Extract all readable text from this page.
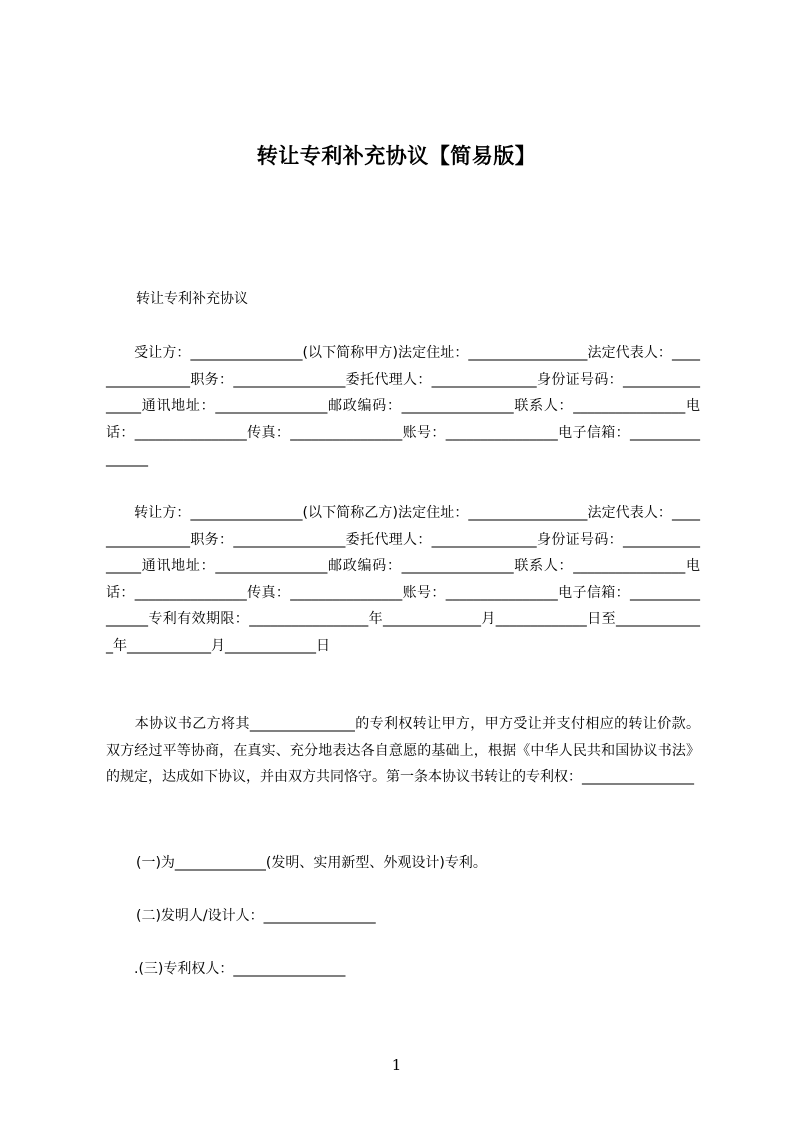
转让专利补充协议【简易版】
转让专利补充协议
　　受让方：________________(以下简称甲方)法定住址：_________________法定代表人：________________职务：________________委托代理人：_______________身份证号码：________________通讯地址：________________邮政编码：________________联系人：________________电话：________________传真：________________账号：________________电子信箱：________________
　　转让方：________________(以下简称乙方)法定住址：_________________法定代表人：________________职务：________________委托代理人：_______________身份证号码：________________通讯地址：________________邮政编码：________________联系人：________________电话：________________传真：________________账号：________________电子信箱：________________专利有效期限：_________________年______________月_____________日至_____________年____________月_____________日
　　本协议书乙方将其_______________的专利权转让甲方，甲方受让并支付相应的转让价款。双方经过平等协商，在真实、充分地表达各自意愿的基础上，根据《中华人民共和国协议书法》的规定，达成如下协议，并由双方共同恪守。第一条本协议书转让的专利权：________________
(一)为_____________(发明、实用新型、外观设计)专利。
(二)发明人/设计人：________________
.(三)专利权人：________________
1
